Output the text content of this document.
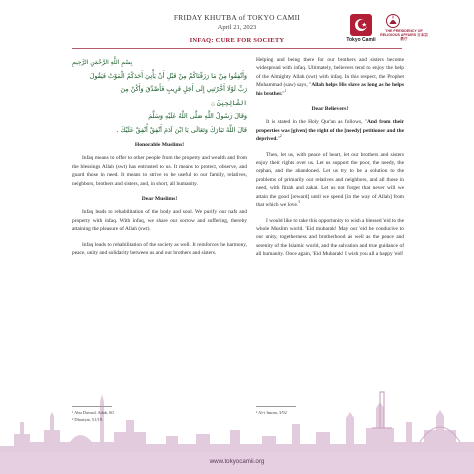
FRIDAY KHUTBA of TOKYO CAMII
April 21, 2023
INFAQ: CURE FOR SOCIETY	Tokyo Camii
THE PRESIDENCY OF RELIGIOUS AFFAIRS 日本宗教庁
بِسْمِ اللَّهِ الرَّحْمَنِ الرَّحِيمِ
وَأَنْفِقُوا مِنْ مَا رَزَقْنَاكُمْ مِنْ قَبْلِ أَنْ يَأْتِيَ أَحَدَكُمُ الْمَوْتُ فَيَقُولَ
رَبِّ لَوْلَا أَخَّرْتَنِي إِلَى أَجَلٍ قَرِيبٍ فَأَصَّدَّقَ وَأَكُنْ مِنَ
الصَّالِحِينَ ۞
وَقَالَ رَسُولُ اللَّهِ صَلَّى اللَّهُ عَلَيْهِ وَسَلَّمَ
قَالَ اللَّهُ تَبَارَكَ وَتَعَالَى يَا ابْنَ آدَمَ أَنْفِقْ أُنْفِقْ عَلَيْكَ .
Honorable Muslims!

Infaq means to offer to other people from the property and wealth and from the blessings Allah (swt) has entrusted to us. It means to protect, observe, and guard those in need. It means to strive to be useful to our family, relatives, neighbors, brothers and sisters, and, in short, all humanity.

Dear Muslims!

Infaq leads to rehabilitation of the body and soul. We purify our nafs and property with infaq. With infaq, we share our sorrow and suffering, thereby attaining the pleasure of Allah (swt).

Infaq leads to rehabilitation of the society as well. It reinforces he harmony, peace, unity and solidarity between us and our brothers and sisters.

Helping and being there for our brothers and sisters become widespread with infaq. Ultimately, believers tend to enjoy the help of the Almighty Allah (swt) with infaq. In this respect, the Prophet Muhammad (saw) says, "Allah helps His slave as long as he helps his brother."$^1$

Dear Believers!

It is stated in the Holy Qur'an as follows, "And from their properties was [given] the right of the [needy] petitioner and the deprived."$^2$

Then, let us, with peace of heart, let our brothers and sisters enjoy their rights over us. Let us support the poor, the needy, the orphan, and the abandoned. Let us try to be a solution to the problems of primarily our relatives and neighbors, and all those in need, with fitrah and zakat. Let us not forget that never will we attain the good [reward] until we spend [in the way of Allah] from that which we love.$^3$

I would like to take this opportunity to wish a blessed 'eid to the whole Muslim world. 'Eid mubarak! May our 'eid be conducive to our unity, togetherness and brotherhood as well as the peace and serenity of the Islamic world, and the salvation and true guidance of all humanity. Once again, 'Eid Mubarak! I wish you all a happy 'eid!

¹ Abu Dawud, Adab, 60.
² Dhariyat, 51/19.
³ Al-i Imran, 3/92
www.tokyocamii.org
